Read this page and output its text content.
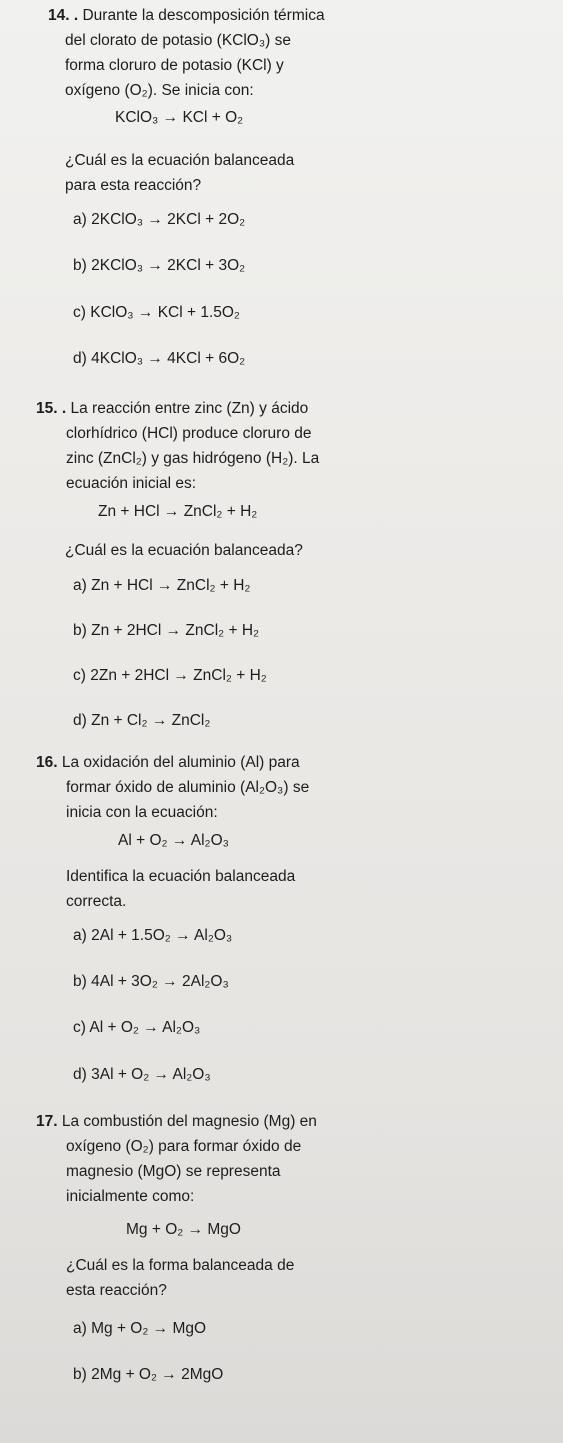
14. . Durante la descomposición térmica
del clorato de potasio (KClO₃) se
forma cloruro de potasio (KCl) y
oxígeno (O₂). Se inicia con:
KClO₃ → KCl + O₂
¿Cuál es la ecuación balanceada
para esta reacción?
a) 2KClO₃ → 2KCl + 2O₂
b) 2KClO₃ → 2KCl + 3O₂
c) KClO₃ → KCl + 1.5O₂
d) 4KClO₃ → 4KCl + 6O₂
15. . La reacción entre zinc (Zn) y ácido
clorhídrico (HCl) produce cloruro de
zinc (ZnCl₂) y gas hidrógeno (H₂). La
ecuación inicial es:
Zn + HCl → ZnCl₂ + H₂
¿Cuál es la ecuación balanceada?
a) Zn + HCl → ZnCl₂ + H₂
b) Zn + 2HCl → ZnCl₂ + H₂
c) 2Zn + 2HCl → ZnCl₂ + H₂
d) Zn + Cl₂ → ZnCl₂
16. La oxidación del aluminio (Al) para
formar óxido de aluminio (Al₂O₃) se
inicia con la ecuación:
Al + O₂ → Al₂O₃
Identifica la ecuación balanceada
correcta.
a) 2Al + 1.5O₂ → Al₂O₃
b) 4Al + 3O₂ → 2Al₂O₃
c) Al + O₂ → Al₂O₃
d) 3Al + O₂ → Al₂O₃
17. La combustión del magnesio (Mg) en
oxígeno (O₂) para formar óxido de
magnesio (MgO) se representa
inicialmente como:
Mg + O₂ → MgO
¿Cuál es la forma balanceada de
esta reacción?
a) Mg + O₂ → MgO
b) 2Mg + O₂ → 2MgO
